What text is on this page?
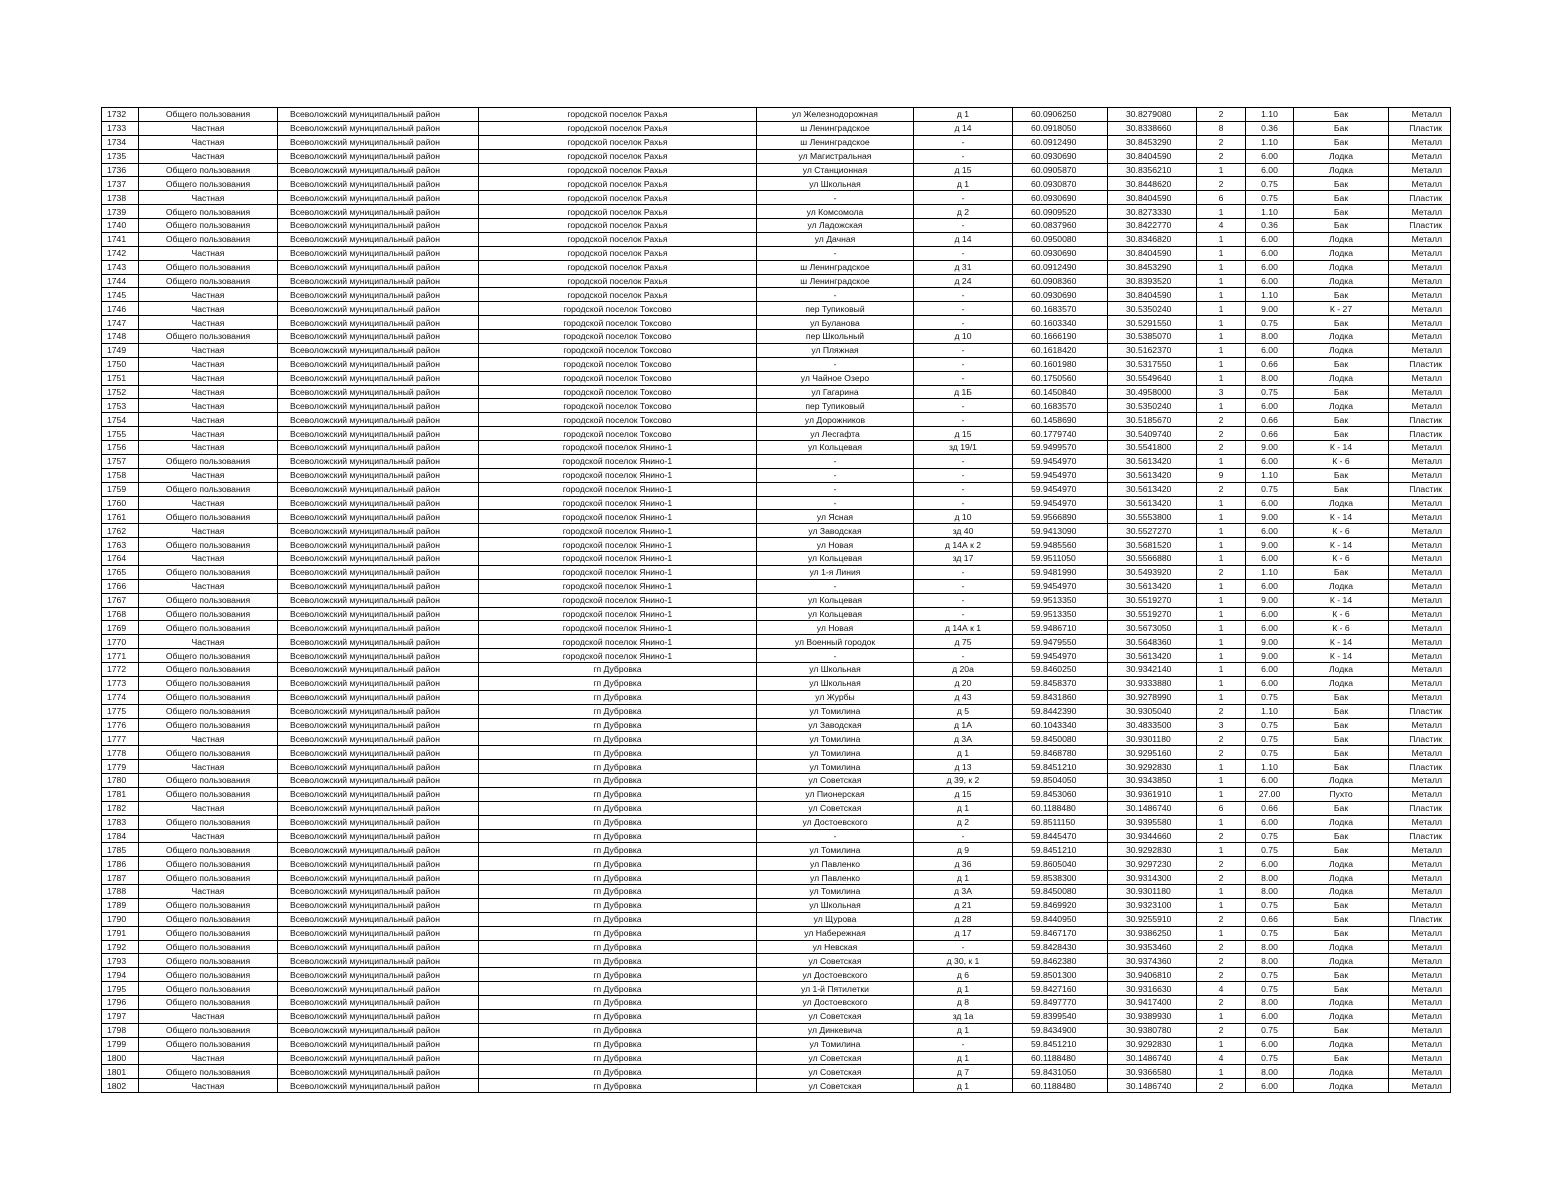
1732	Общего пользования	Всеволожский муниципальный район	городской поселок Рахья	ул Железнодорожная	д 1	60.0906250	30.8279080	2	1.10	Бак	Металл
1733	Частная	Всеволожский муниципальный район	городской поселок Рахья	ш Ленинградское	д 14	60.0918050	30.8338660	8	0.36	Бак	Пластик
1734	Частная	Всеволожский муниципальный район	городской поселок Рахья	ш Ленинградское	-	60.0912490	30.8453290	2	1.10	Бак	Металл
1735	Частная	Всеволожский муниципальный район	городской поселок Рахья	ул Магистральная	-	60.0930690	30.8404590	2	6.00	Лодка	Металл
1736	Общего пользования	Всеволожский муниципальный район	городской поселок Рахья	ул Станционная	д 15	60.0905870	30.8356210	1	6.00	Лодка	Металл
1737	Общего пользования	Всеволожский муниципальный район	городской поселок Рахья	ул Школьная	д 1	60.0930870	30.8448620	2	0.75	Бак	Металл
1738	Частная	Всеволожский муниципальный район	городской поселок Рахья	-	-	60.0930690	30.8404590	6	0.75	Бак	Пластик
1739	Общего пользования	Всеволожский муниципальный район	городской поселок Рахья	ул Комсомола	д 2	60.0909520	30.8273330	1	1.10	Бак	Металл
1740	Общего пользования	Всеволожский муниципальный район	городской поселок Рахья	ул Ладожская	-	60.0837960	30.8422770	4	0.36	Бак	Пластик
1741	Общего пользования	Всеволожский муниципальный район	городской поселок Рахья	ул Дачная	д 14	60.0950080	30.8346820	1	6.00	Лодка	Металл
1742	Частная	Всеволожский муниципальный район	городской поселок Рахья	-	-	60.0930690	30.8404590	1	6.00	Лодка	Металл
1743	Общего пользования	Всеволожский муниципальный район	городской поселок Рахья	ш Ленинградское	д 31	60.0912490	30.8453290	1	6.00	Лодка	Металл
1744	Общего пользования	Всеволожский муниципальный район	городской поселок Рахья	ш Ленинградское	д 24	60.0908360	30.8393520	1	6.00	Лодка	Металл
1745	Частная	Всеволожский муниципальный район	городской поселок Рахья	-	-	60.0930690	30.8404590	1	1.10	Бак	Металл
1746	Частная	Всеволожский муниципальный район	городской поселок Токсово	пер Тупиковый	-	60.1683570	30.5350240	1	9.00	К - 27	Металл
1747	Частная	Всеволожский муниципальный район	городской поселок Токсово	ул Буланова	-	60.1603340	30.5291550	1	0.75	Бак	Металл
1748	Общего пользования	Всеволожский муниципальный район	городской поселок Токсово	пер Школьный	д 10	60.1666190	30.5385070	1	8.00	Лодка	Металл
1749	Частная	Всеволожский муниципальный район	городской поселок Токсово	ул Пляжная	-	60.1618420	30.5162370	1	6.00	Лодка	Металл
1750	Частная	Всеволожский муниципальный район	городской поселок Токсово	-	-	60.1601980	30.5317550	1	0.66	Бак	Пластик
1751	Частная	Всеволожский муниципальный район	городской поселок Токсово	ул Чайное Озеро	-	60.1750560	30.5549640	1	8.00	Лодка	Металл
1752	Частная	Всеволожский муниципальный район	городской поселок Токсово	ул Гагарина	д 1Б	60.1450840	30.4958000	3	0.75	Бак	Металл
1753	Частная	Всеволожский муниципальный район	городской поселок Токсово	пер Тупиковый	-	60.1683570	30.5350240	1	6.00	Лодка	Металл
1754	Частная	Всеволожский муниципальный район	городской поселок Токсово	ул Дорожников	-	60.1458690	30.5185670	2	0.66	Бак	Пластик
1755	Частная	Всеволожский муниципальный район	городской поселок Токсово	ул Лесгафта	д 15	60.1779740	30.5409740	2	0.66	Бак	Пластик
1756	Частная	Всеволожский муниципальный район	городской поселок Янино-1	ул Кольцевая	зд 19/1	59.9499570	30.5541800	2	9.00	К - 14	Металл
1757	Общего пользования	Всеволожский муниципальный район	городской поселок Янино-1	-	-	59.9454970	30.5613420	1	6.00	К - 6	Металл
1758	Частная	Всеволожский муниципальный район	городской поселок Янино-1	-	-	59.9454970	30.5613420	9	1.10	Бак	Металл
1759	Общего пользования	Всеволожский муниципальный район	городской поселок Янино-1	-	-	59.9454970	30.5613420	2	0.75	Бак	Пластик
1760	Частная	Всеволожский муниципальный район	городской поселок Янино-1	-	-	59.9454970	30.5613420	1	6.00	Лодка	Металл
1761	Общего пользования	Всеволожский муниципальный район	городской поселок Янино-1	ул Ясная	д 10	59.9566890	30.5553800	1	9.00	К - 14	Металл
1762	Частная	Всеволожский муниципальный район	городской поселок Янино-1	ул Заводская	зд 40	59.9413090	30.5527270	1	6.00	К - 6	Металл
1763	Общего пользования	Всеволожский муниципальный район	городской поселок Янино-1	ул Новая	д 14А к 2	59.9485560	30.5681520	1	9.00	К - 14	Металл
1764	Частная	Всеволожский муниципальный район	городской поселок Янино-1	ул Кольцевая	зд 17	59.9511050	30.5566880	1	6.00	К - 6	Металл
1765	Общего пользования	Всеволожский муниципальный район	городской поселок Янино-1	ул 1-я Линия	-	59.9481990	30.5493920	2	1.10	Бак	Металл
1766	Частная	Всеволожский муниципальный район	городской поселок Янино-1	-	-	59.9454970	30.5613420	1	6.00	Лодка	Металл
1767	Общего пользования	Всеволожский муниципальный район	городской поселок Янино-1	ул Кольцевая	-	59.9513350	30.5519270	1	9.00	К - 14	Металл
1768	Общего пользования	Всеволожский муниципальный район	городской поселок Янино-1	ул Кольцевая	-	59.9513350	30.5519270	1	6.00	К - 6	Металл
1769	Общего пользования	Всеволожский муниципальный район	городской поселок Янино-1	ул Новая	д 14А к 1	59.9486710	30.5673050	1	6.00	К - 6	Металл
1770	Частная	Всеволожский муниципальный район	городской поселок Янино-1	ул Военный городок	д 75	59.9479550	30.5648360	1	9.00	К - 14	Металл
1771	Общего пользования	Всеволожский муниципальный район	городской поселок Янино-1	-	-	59.9454970	30.5613420	1	9.00	К - 14	Металл
1772	Общего пользования	Всеволожский муниципальный район	гп Дубровка	ул Школьная	д 20а	59.8460250	30.9342140	1	6.00	Лодка	Металл
1773	Общего пользования	Всеволожский муниципальный район	гп Дубровка	ул Школьная	д 20	59.8458370	30.9333880	1	6.00	Лодка	Металл
1774	Общего пользования	Всеволожский муниципальный район	гп Дубровка	ул Журбы	д 43	59.8431860	30.9278990	1	0.75	Бак	Металл
1775	Общего пользования	Всеволожский муниципальный район	гп Дубровка	ул Томилина	д 5	59.8442390	30.9305040	2	1.10	Бак	Пластик
1776	Общего пользования	Всеволожский муниципальный район	гп Дубровка	ул Заводская	д 1А	60.1043340	30.4833500	3	0.75	Бак	Металл
1777	Частная	Всеволожский муниципальный район	гп Дубровка	ул Томилина	д 3А	59.8450080	30.9301180	2	0.75	Бак	Пластик
1778	Общего пользования	Всеволожский муниципальный район	гп Дубровка	ул Томилина	д 1	59.8468780	30.9295160	2	0.75	Бак	Металл
1779	Частная	Всеволожский муниципальный район	гп Дубровка	ул Томилина	д 13	59.8451210	30.9292830	1	1.10	Бак	Пластик
1780	Общего пользования	Всеволожский муниципальный район	гп Дубровка	ул Советская	д 39, к 2	59.8504050	30.9343850	1	6.00	Лодка	Металл
1781	Общего пользования	Всеволожский муниципальный район	гп Дубровка	ул Пионерская	д 15	59.8453060	30.9361910	1	27.00	Пухто	Металл
1782	Частная	Всеволожский муниципальный район	гп Дубровка	ул Советская	д 1	60.1188480	30.1486740	6	0.66	Бак	Пластик
1783	Общего пользования	Всеволожский муниципальный район	гп Дубровка	ул Достоевского	д 2	59.8511150	30.9395580	1	6.00	Лодка	Металл
1784	Частная	Всеволожский муниципальный район	гп Дубровка	-	-	59.8445470	30.9344660	2	0.75	Бак	Пластик
1785	Общего пользования	Всеволожский муниципальный район	гп Дубровка	ул Томилина	д 9	59.8451210	30.9292830	1	0.75	Бак	Металл
1786	Общего пользования	Всеволожский муниципальный район	гп Дубровка	ул Павленко	д 36	59.8605040	30.9297230	2	6.00	Лодка	Металл
1787	Общего пользования	Всеволожский муниципальный район	гп Дубровка	ул Павленко	д 1	59.8538300	30.9314300	2	8.00	Лодка	Металл
1788	Частная	Всеволожский муниципальный район	гп Дубровка	ул Томилина	д 3А	59.8450080	30.9301180	1	8.00	Лодка	Металл
1789	Общего пользования	Всеволожский муниципальный район	гп Дубровка	ул Школьная	д 21	59.8469920	30.9323100	1	0.75	Бак	Металл
1790	Общего пользования	Всеволожский муниципальный район	гп Дубровка	ул Щурова	д 28	59.8440950	30.9255910	2	0.66	Бак	Пластик
1791	Общего пользования	Всеволожский муниципальный район	гп Дубровка	ул Набережная	д 17	59.8467170	30.9386250	1	0.75	Бак	Металл
1792	Общего пользования	Всеволожский муниципальный район	гп Дубровка	ул Невская	-	59.8428430	30.9353460	2	8.00	Лодка	Металл
1793	Общего пользования	Всеволожский муниципальный район	гп Дубровка	ул Советская	д 30, к 1	59.8462380	30.9374360	2	8.00	Лодка	Металл
1794	Общего пользования	Всеволожский муниципальный район	гп Дубровка	ул Достоевского	д 6	59.8501300	30.9406810	2	0.75	Бак	Металл
1795	Общего пользования	Всеволожский муниципальный район	гп Дубровка	ул 1-й Пятилетки	д 1	59.8427160	30.9316630	4	0.75	Бак	Металл
1796	Общего пользования	Всеволожский муниципальный район	гп Дубровка	ул Достоевского	д 8	59.8497770	30.9417400	2	8.00	Лодка	Металл
1797	Частная	Всеволожский муниципальный район	гп Дубровка	ул Советская	зд 1а	59.8399540	30.9389930	1	6.00	Лодка	Металл
1798	Общего пользования	Всеволожский муниципальный район	гп Дубровка	ул Динкевича	д 1	59.8434900	30.9380780	2	0.75	Бак	Металл
1799	Общего пользования	Всеволожский муниципальный район	гп Дубровка	ул Томилина	-	59.8451210	30.9292830	1	6.00	Лодка	Металл
1800	Частная	Всеволожский муниципальный район	гп Дубровка	ул Советская	д 1	60.1188480	30.1486740	4	0.75	Бак	Металл
1801	Общего пользования	Всеволожский муниципальный район	гп Дубровка	ул Советская	д 7	59.8431050	30.9366580	1	8.00	Лодка	Металл
1802	Частная	Всеволожский муниципальный район	гп Дубровка	ул Советская	д 1	60.1188480	30.1486740	2	6.00	Лодка	Металл
